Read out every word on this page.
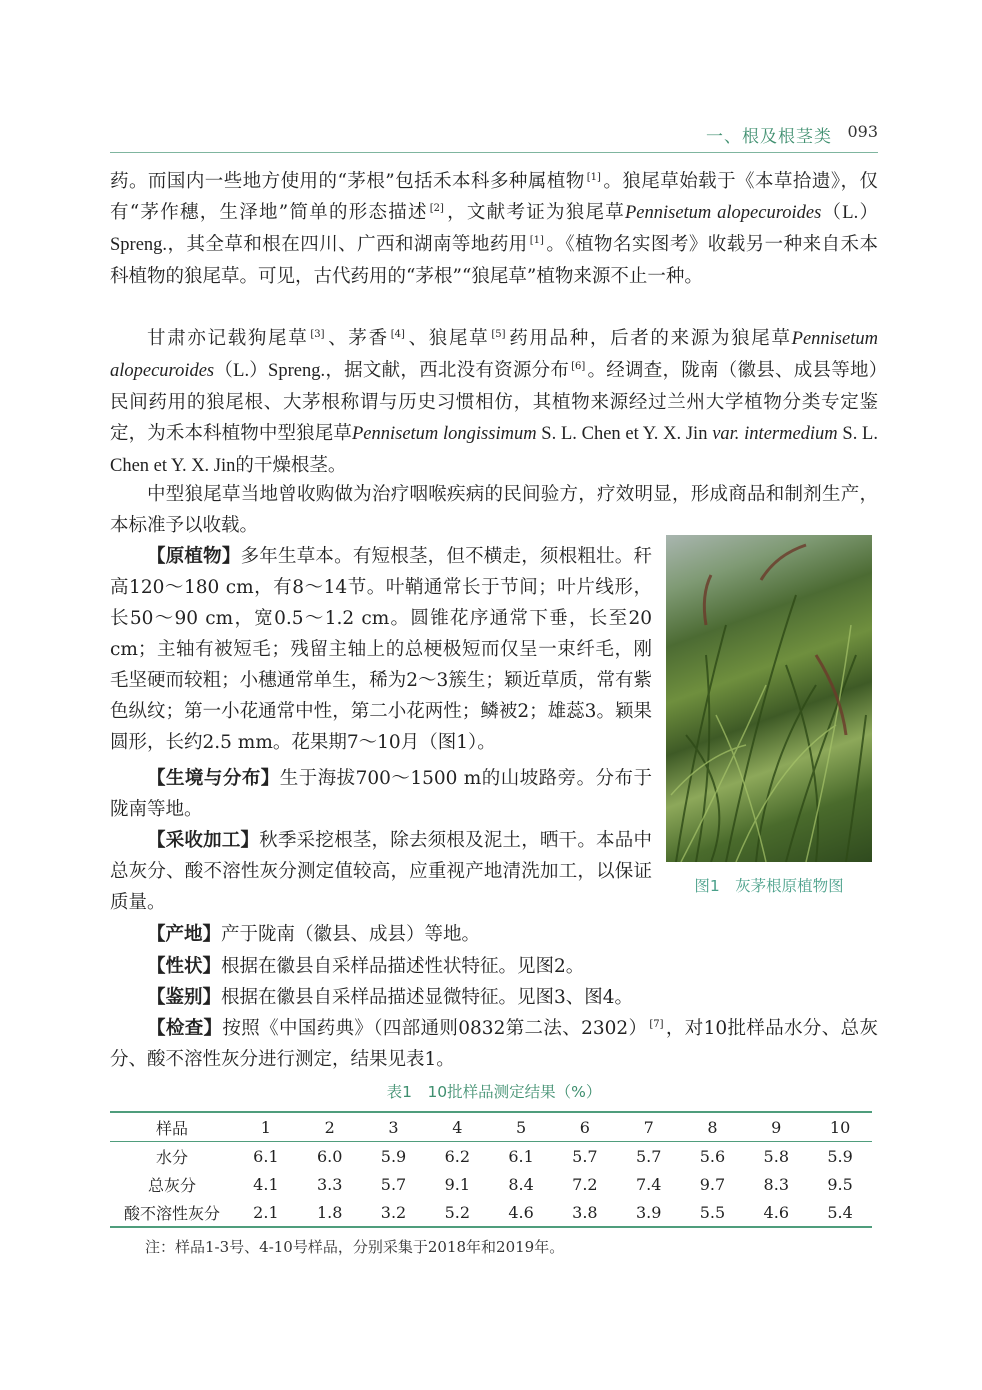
一、根及根茎类 093

药。而国内一些地方使用的“茅根”包括禾本科多种属植物 [1] 。狼尾草始载于《本草拾遗》，仅有“茅作穗，生泽地”简单的形态描述 [2] ，文献考证为狼尾草Pennisetum alopecuroides（L.）Spreng.，其全草和根在四川、广西和湖南等地药用 [1] 。《植物名实图考》收载另一种来自禾本科植物的狼尾草。可见，古代药用的“茅根”“狼尾草”植物来源不止一种。

甘肃亦记载狗尾草 [3] 、茅香 [4] 、狼尾草 [5] 药用品种，后者的来源为狼尾草Pennisetum alopecuroides（L.）Spreng.，据文献，西北没有资源分布 [6] 。经调查，陇南（徽县、成县等地）民间药用的狼尾根、大茅根称谓与历史习惯相仿，其植物来源经过兰州大学植物分类专定鉴定，为禾本科植物中型狼尾草Pennisetum longissimum S. L. Chen et Y. X. Jin var. intermedium S. L. Chen et Y. X. Jin的干燥根茎。

中型狼尾草当地曾收购做为治疗咽喉疾病的民间验方，疗效明显，形成商品和制剂生产，本标准予以收载。

【原植物】多年生草本。有短根茎，但不横走，须根粗壮。秆高120～180 cm，有8～14节。叶鞘通常长于节间；叶片线形，长50～90 cm，宽0.5～1.2 cm。圆锥花序通常下垂，长至20 cm；主轴有被短毛；残留主轴上的总梗极短而仅呈一束纤毛，刚毛坚硬而较粗；小穗通常单生，稀为2～3簇生；颖近草质，常有紫色纵纹；第一小花通常中性，第二小花两性；鳞被2；雄蕊3。颖果圆形，长约2.5 mm。花果期7～10月（图1）。

【生境与分布】生于海拔700～1500 m的山坡路旁。分布于陇南等地。

【采收加工】秋季采挖根茎，除去须根及泥土，晒干。本品中总灰分、酸不溶性灰分测定值较高，应重视产地清洗加工，以保证质量。

【产地】产于陇南（徽县、成县）等地。

【性状】根据在徽县自采样品描述性状特征。见图2。

【鉴别】根据在徽县自采样品描述显微特征。见图3、图4。

【检查】按照《中国药典》（四部通则0832第二法、2302） [7] ，对10批样品水分、总灰分、酸不溶性灰分进行测定，结果见表1。

图1　灰茅根原植物图
表1　10批样品测定结果（%）
样品	1	2	3	4	5	6	7	8	9	10
水分	6.1	6.0	5.9	6.2	6.1	5.7	5.7	5.6	5.8	5.9
总灰分	4.1	3.3	5.7	9.1	8.4	7.2	7.4	9.7	8.3	9.5
酸不溶性灰分	2.1	1.8	3.2	5.2	4.6	3.8	3.9	5.5	4.6	5.4
注：样品1-3号、4-10号样品，分别采集于2018年和2019年。
